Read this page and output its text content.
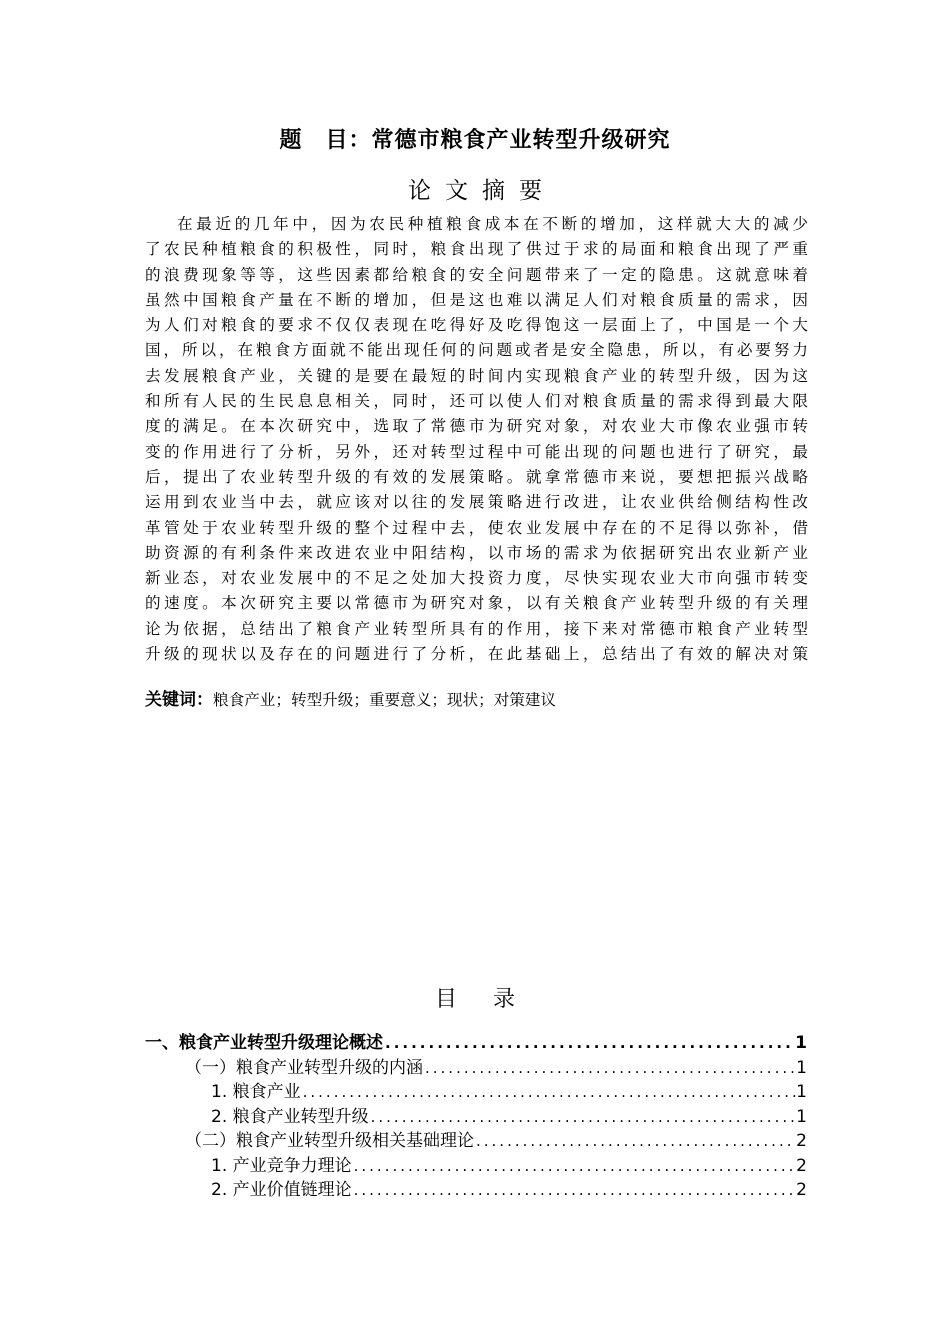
题　目：常德市粮食产业转型升级研究
论文摘要

在最近的几年中，因为农民种植粮食成本在不断的增加，这样就大大的减少
了农民种植粮食的积极性，同时，粮食出现了供过于求的局面和粮食出现了严重
的浪费现象等等，这些因素都给粮食的安全问题带来了一定的隐患。这就意味着
虽然中国粮食产量在不断的增加，但是这也难以满足人们对粮食质量的需求，因
为人们对粮食的要求不仅仅表现在吃得好及吃得饱这一层面上了，中国是一个大
国，所以，在粮食方面就不能出现任何的问题或者是安全隐患，所以，有必要努力
去发展粮食产业，关键的是要在最短的时间内实现粮食产业的转型升级，因为这
和所有人民的生民息息相关，同时，还可以使人们对粮食质量的需求得到最大限
度的满足。在本次研究中，选取了常德市为研究对象，对农业大市像农业强市转
变的作用进行了分析，另外，还对转型过程中可能出现的问题也进行了研究，最
后，提出了农业转型升级的有效的发展策略。就拿常德市来说，要想把振兴战略
运用到农业当中去，就应该对以往的发展策略进行改进，让农业供给侧结构性改
革管处于农业转型升级的整个过程中去，使农业发展中存在的不足得以弥补，借
助资源的有利条件来改进农业中阳结构，以市场的需求为依据研究出农业新产业
新业态，对农业发展中的不足之处加大投资力度，尽快实现农业大市向强市转变
的速度。本次研究主要以常德市为研究对象，以有关粮食产业转型升级的有关理
论为依据，总结出了粮食产业转型所具有的作用，接下来对常德市粮食产业转型
升级的现状以及存在的问题进行了分析，在此基础上，总结出了有效的解决对策

关键词：粮食产业；转型升级；重要意义；现状；对策建议
目录
一、粮食产业转型升级理论概述 .....	1
（一）粮食产业转型升级的内涵 .....	1
1. 粮食产业 .....	1
2. 粮食产业转型升级 .....	1
（二）粮食产业转型升级相关基础理论 .....	2
1. 产业竞争力理论 .....	2
2. 产业价值链理论 .....	2
